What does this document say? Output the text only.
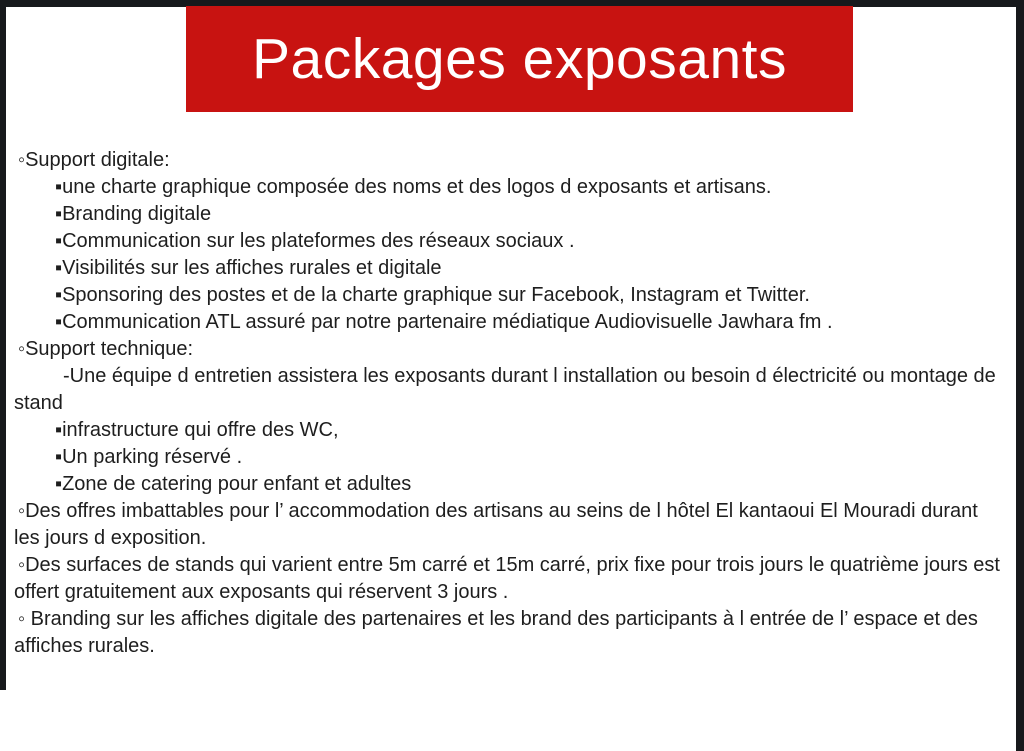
Packages exposants

◦Support digitale:

▪une charte graphique composée des noms et des logos d exposants et artisans.

▪Branding digitale

▪Communication sur les plateformes des réseaux sociaux .

▪Visibilités sur les affiches rurales et digitale

▪Sponsoring des postes et de la charte graphique sur Facebook, Instagram et Twitter.

▪Communication ATL assuré par notre partenaire médiatique Audiovisuelle Jawhara fm .

◦Support technique:

-Une équipe d entretien assistera les exposants durant l installation ou besoin d électricité ou montage de stand

▪infrastructure qui offre des WC,

▪Un parking réservé .

▪Zone de catering pour enfant et adultes

◦Des offres imbattables pour l’ accommodation des artisans au seins de l hôtel El kantaoui El Mouradi durant les jours d exposition.

◦Des surfaces de stands qui varient entre 5m carré et 15m carré, prix fixe pour trois jours le quatrième jours est offert gratuitement aux exposants qui réservent 3 jours .

◦ Branding sur les affiches digitale des partenaires et les brand des participants à l entrée de l’ espace et des affiches rurales.
